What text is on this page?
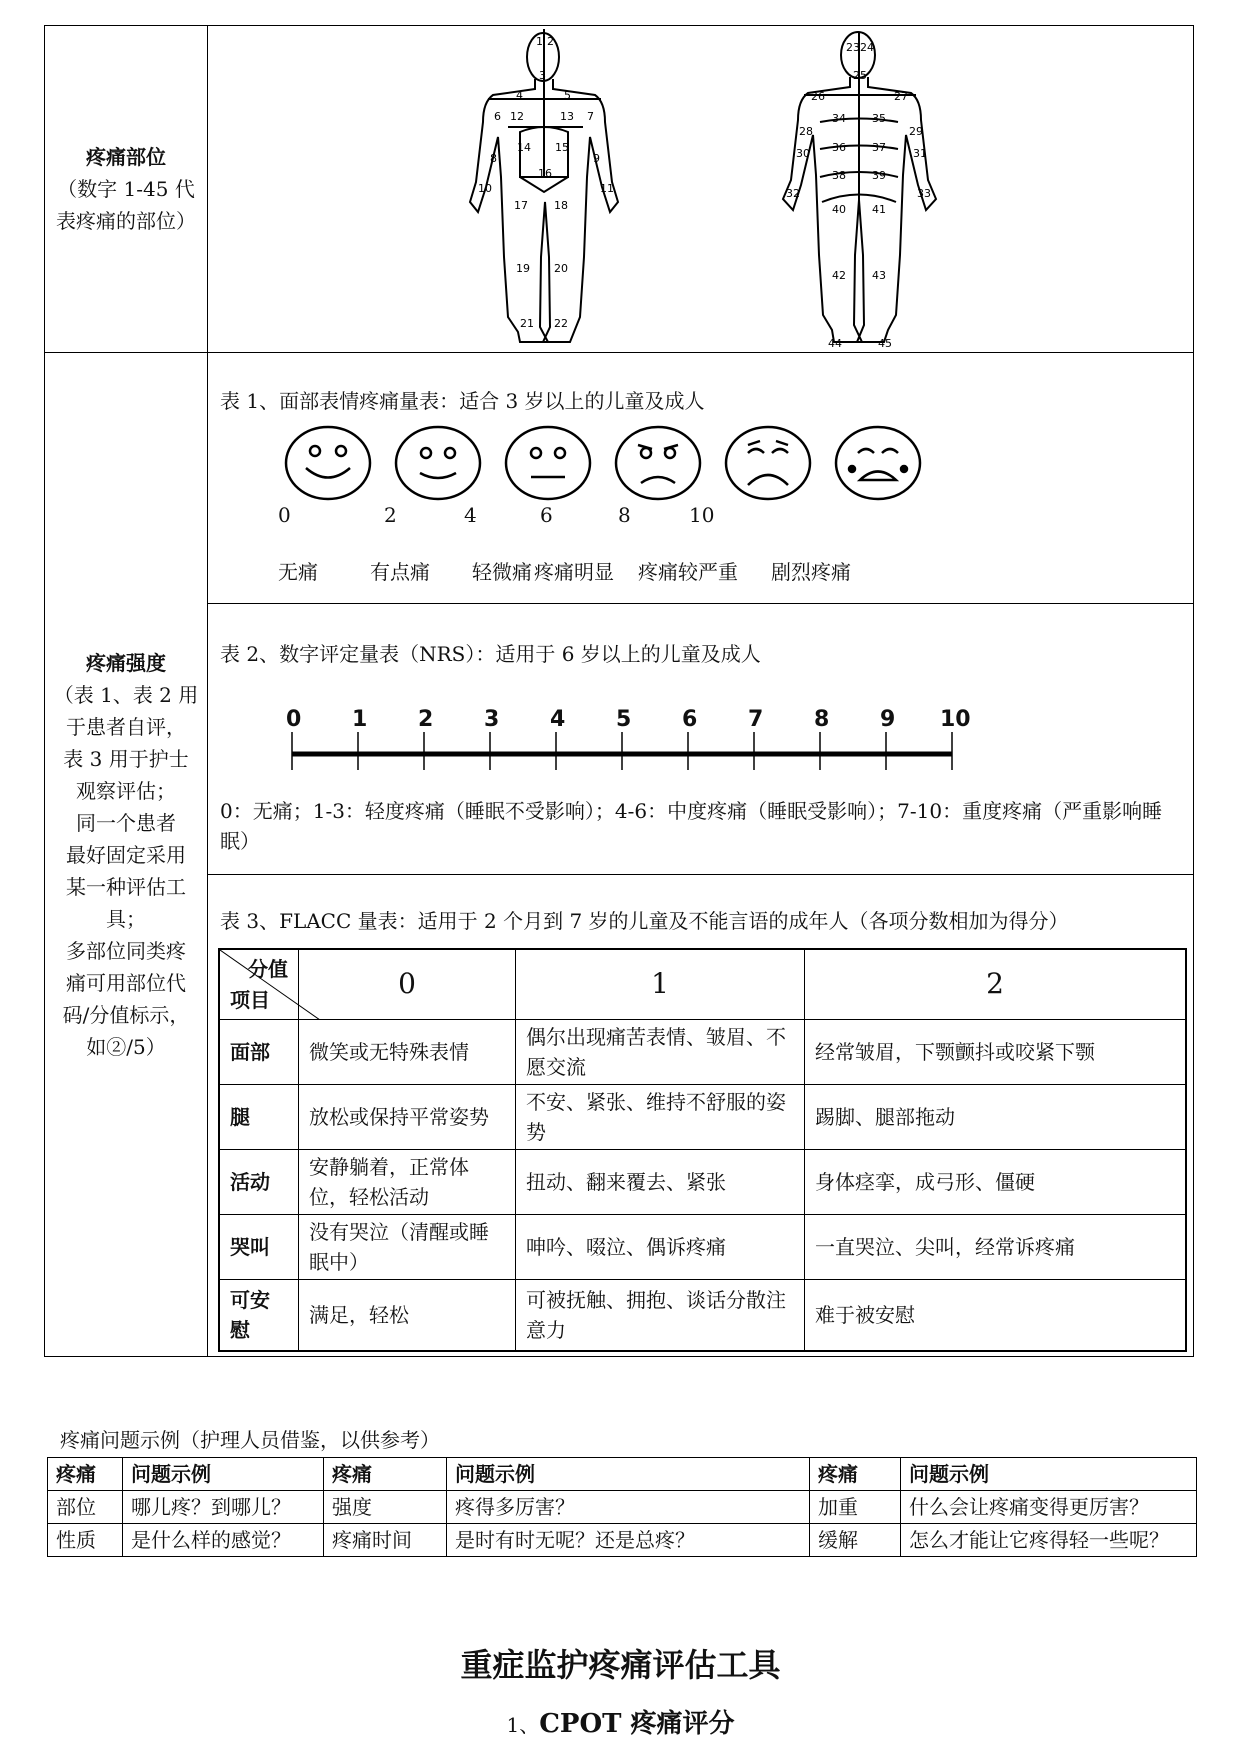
疼痛部位
（数字 1-45 代表疼痛的部位）

1 2
3
4	5
6 12	13 7
8
14 15
9
16
10	11
17 18
19 20
21 22
23 24
25
26	27
34 35
28	29
30 36 37 31
38 39
32	33
40 41
42 43
44	45

疼痛强度
（表 1、表 2 用
于患者自评，
表 3 用于护士
观察评估；
同一个患者
最好固定采用
某一种评估工
具；
多部位同类疼
痛可用部位代
码/分值标示，
如②/5）

表 1、面部表情疼痛量表：适合 3 岁以上的儿童及成人
0	2	4	6	8	10
无痛	有点痛 轻微痛 疼痛明显 疼痛较严重 剧烈疼痛
表 2、数字评定量表（NRS）：适用于 6 岁以上的儿童及成人
0 1 2 3 4 5 6 7 8 9 10
0：无痛；1-3：轻度疼痛（睡眠不受影响）；4-6：中度疼痛（睡眠受影响）；7-10：重度疼痛（严重影响睡眠）
表 3、FLACC 量表：适用于 2 个月到 7 岁的儿童及不能言语的成年人（各项分数相加为得分）
分值
项目	0	1	2
面部	微笑或无特殊表情	偶尔出现痛苦表情、皱眉、不愿交流	经常皱眉，下颚颤抖或咬紧下颚
腿	放松或保持平常姿势	不安、紧张、维持不舒服的姿势	踢脚、腿部拖动
活动	安静躺着，正常体位，轻松活动	扭动、翻来覆去、紧张	身体痉挛，成弓形、僵硬
哭叫	没有哭泣（清醒或睡眠中）	呻吟、啜泣、偶诉疼痛	一直哭泣、尖叫，经常诉疼痛
可安慰	满足，轻松	可被抚触、拥抱、谈话分散注意力	难于被安慰
疼痛问题示例（护理人员借鉴，以供参考）
疼痛	问题示例	疼痛	问题示例	疼痛	问题示例
部位	哪儿疼？到哪儿？	强度	疼得多厉害？	加重	什么会让疼痛变得更厉害？
性质	是什么样的感觉？	疼痛时间	是时有时无呢？还是总疼？	缓解	怎么才能让它疼得轻一些呢？
重症监护疼痛评估工具
1、CPOT 疼痛评分
